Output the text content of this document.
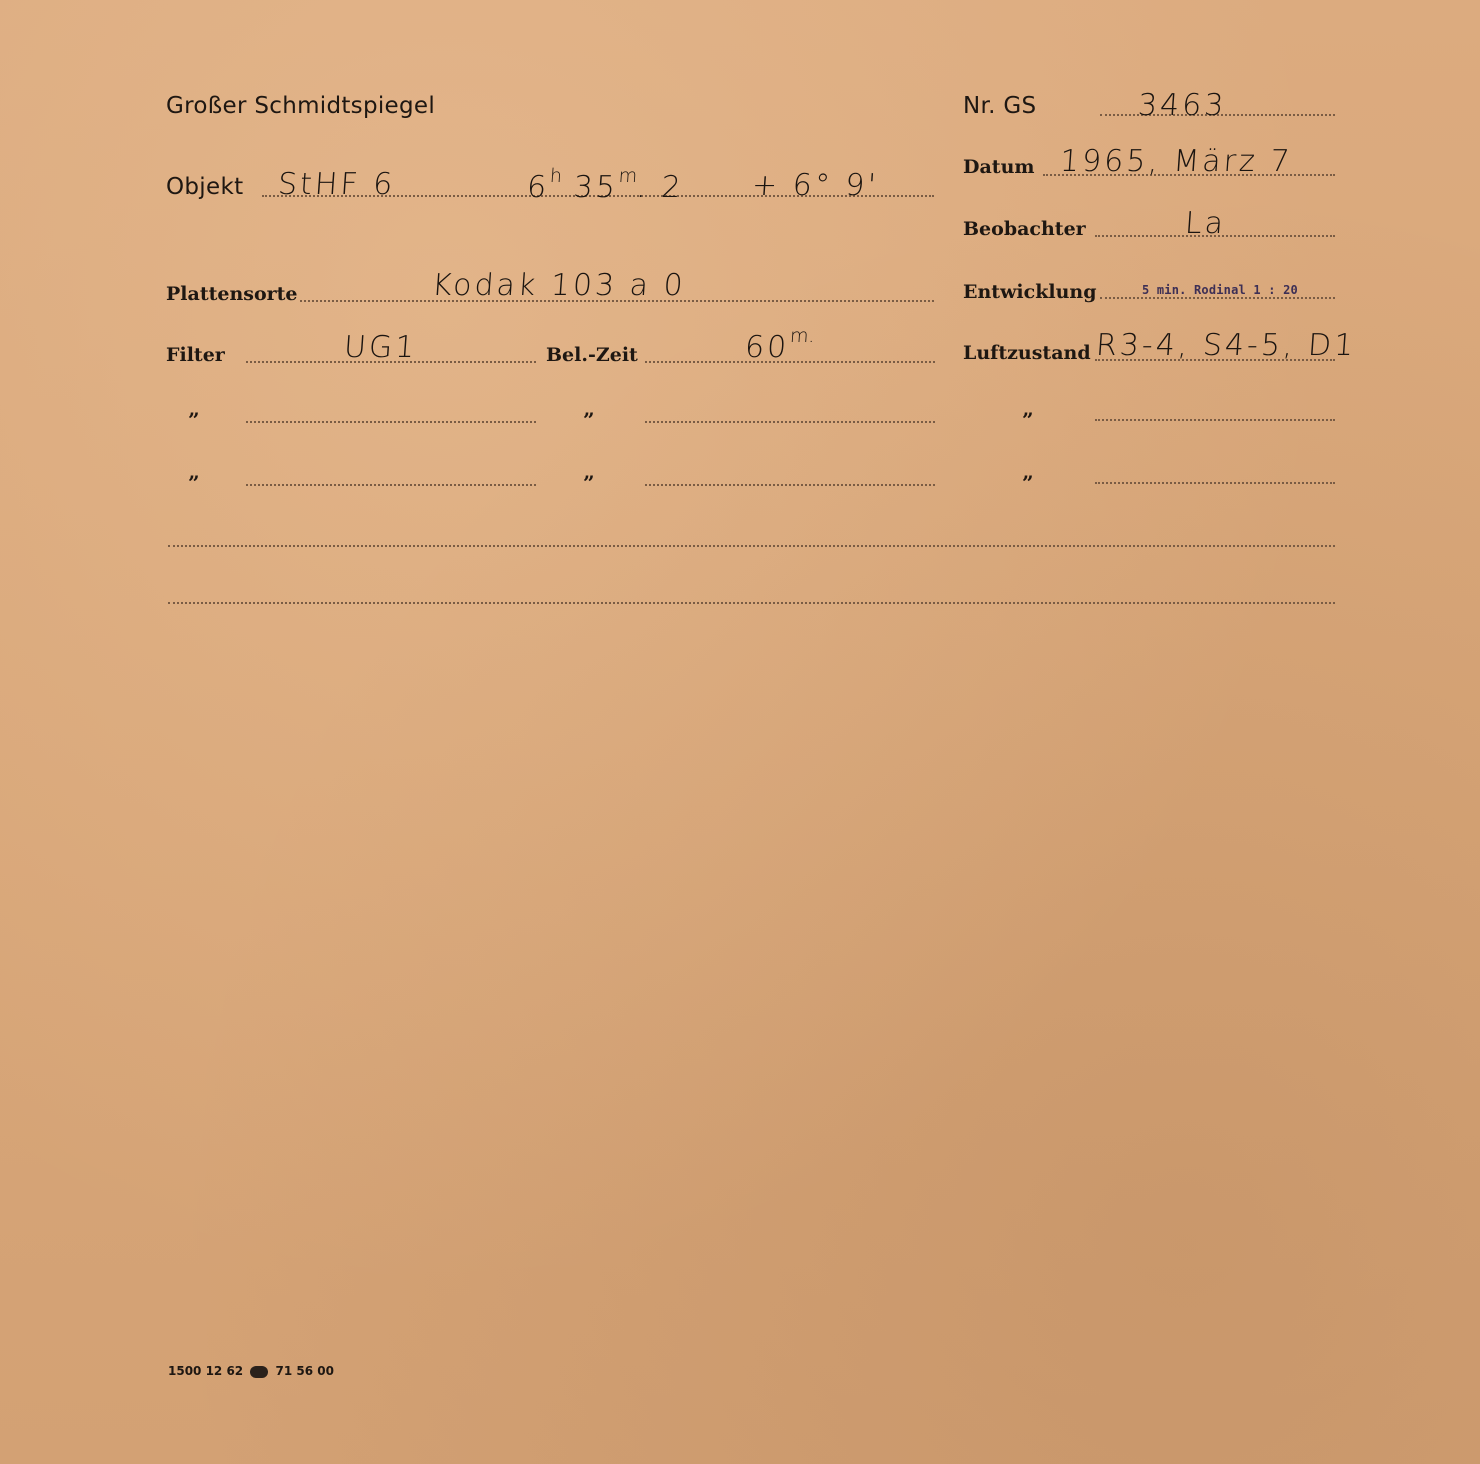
Großer Schmidtspiegel	Nr. GS	3463
Objekt StHF 6	6$^h$ 35$^m$. 2 + 6° 9'
Datum 1965, März 7
Beobachter	La
Plattensorte	Kodak 103 a 0	Entwicklung	5 min. Rodinal 1 : 20
Filter	UG1	Bel.-Zeit	$60^{m.}$
Luftzustand R3-4, S4-5, D1
”	”	”
”	”	”
1500 12 62	71 56 00
